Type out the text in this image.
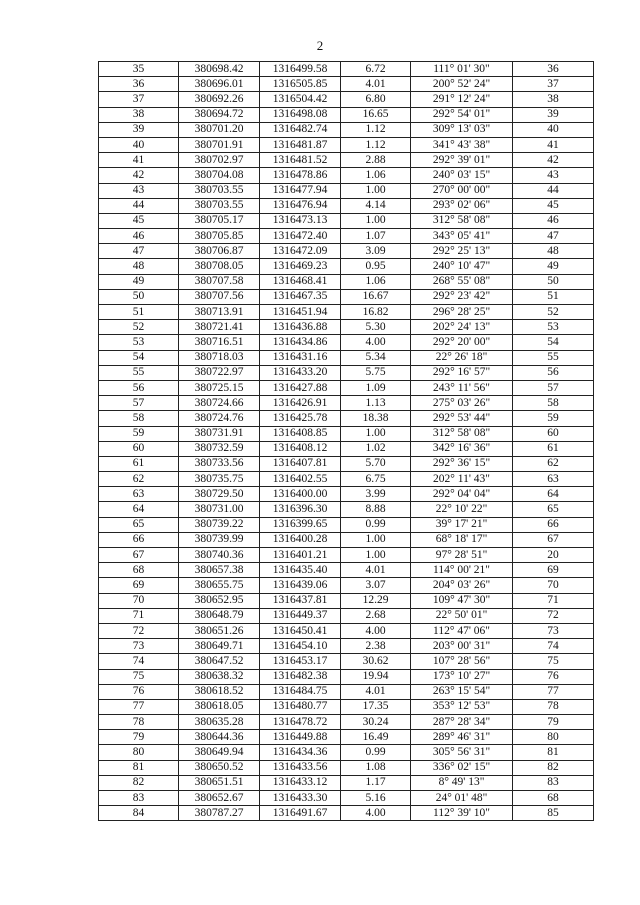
2
35	380698.42	1316499.58	6.72	111° 01' 30"	36
36	380696.01	1316505.85	4.01	200° 52' 24"	37
37	380692.26	1316504.42	6.80	291° 12' 24"	38
38	380694.72	1316498.08	16.65	292° 54' 01"	39
39	380701.20	1316482.74	1.12	309° 13' 03"	40
40	380701.91	1316481.87	1.12	341° 43' 38"	41
41	380702.97	1316481.52	2.88	292° 39' 01"	42
42	380704.08	1316478.86	1.06	240° 03' 15"	43
43	380703.55	1316477.94	1.00	270° 00' 00"	44
44	380703.55	1316476.94	4.14	293° 02' 06"	45
45	380705.17	1316473.13	1.00	312° 58' 08"	46
46	380705.85	1316472.40	1.07	343° 05' 41"	47
47	380706.87	1316472.09	3.09	292° 25' 13"	48
48	380708.05	1316469.23	0.95	240° 10' 47"	49
49	380707.58	1316468.41	1.06	268° 55' 08"	50
50	380707.56	1316467.35	16.67	292° 23' 42"	51
51	380713.91	1316451.94	16.82	296° 28' 25"	52
52	380721.41	1316436.88	5.30	202° 24' 13"	53
53	380716.51	1316434.86	4.00	292° 20' 00"	54
54	380718.03	1316431.16	5.34	22° 26' 18"	55
55	380722.97	1316433.20	5.75	292° 16' 57"	56
56	380725.15	1316427.88	1.09	243° 11' 56"	57
57	380724.66	1316426.91	1.13	275° 03' 26"	58
58	380724.76	1316425.78	18.38	292° 53' 44"	59
59	380731.91	1316408.85	1.00	312° 58' 08"	60
60	380732.59	1316408.12	1.02	342° 16' 36"	61
61	380733.56	1316407.81	5.70	292° 36' 15"	62
62	380735.75	1316402.55	6.75	202° 11' 43"	63
63	380729.50	1316400.00	3.99	292° 04' 04"	64
64	380731.00	1316396.30	8.88	22° 10' 22"	65
65	380739.22	1316399.65	0.99	39° 17' 21"	66
66	380739.99	1316400.28	1.00	68° 18' 17"	67
67	380740.36	1316401.21	1.00	97° 28' 51"	20
68	380657.38	1316435.40	4.01	114° 00' 21"	69
69	380655.75	1316439.06	3.07	204° 03' 26"	70
70	380652.95	1316437.81	12.29	109° 47' 30"	71
71	380648.79	1316449.37	2.68	22° 50' 01"	72
72	380651.26	1316450.41	4.00	112° 47' 06"	73
73	380649.71	1316454.10	2.38	203° 00' 31"	74
74	380647.52	1316453.17	30.62	107° 28' 56"	75
75	380638.32	1316482.38	19.94	173° 10' 27"	76
76	380618.52	1316484.75	4.01	263° 15' 54"	77
77	380618.05	1316480.77	17.35	353° 12' 53"	78
78	380635.28	1316478.72	30.24	287° 28' 34"	79
79	380644.36	1316449.88	16.49	289° 46' 31"	80
80	380649.94	1316434.36	0.99	305° 56' 31"	81
81	380650.52	1316433.56	1.08	336° 02' 15"	82
82	380651.51	1316433.12	1.17	8° 49' 13"	83
83	380652.67	1316433.30	5.16	24° 01' 48"	68
84	380787.27	1316491.67	4.00	112° 39' 10"	85
